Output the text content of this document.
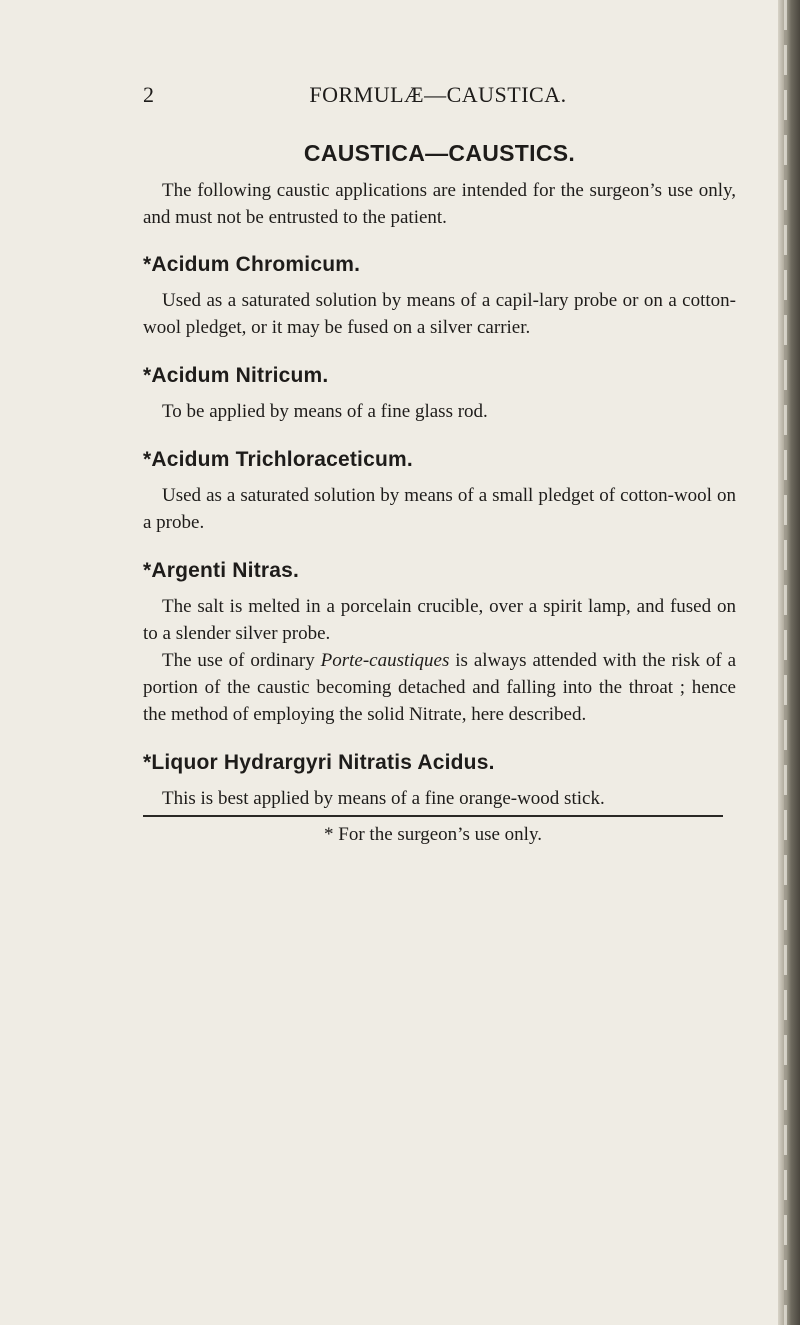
2	FORMULÆ—CAUSTICA.
CAUSTICA—CAUSTICS.

The following caustic applications are intended for the surgeon’s use only, and must not be entrusted to the patient.

*Acidum Chromicum.

Used as a saturated solution by means of a capil-lary probe or on a cotton-wool pledget, or it may be fused on a silver carrier.

*Acidum Nitricum.

To be applied by means of a fine glass rod.

*Acidum Trichloraceticum.

Used as a saturated solution by means of a small pledget of cotton-wool on a probe.

*Argenti Nitras.

The salt is melted in a porcelain crucible, over a spirit lamp, and fused on to a slender silver probe.

The use of ordinary Porte-caustiques is always attended with the risk of a portion of the caustic becoming detached and falling into the throat ; hence the method of employing the solid Nitrate, here described.

*Liquor Hydrargyri Nitratis Acidus.

This is best applied by means of a fine orange-wood stick.

* For the surgeon’s use only.
